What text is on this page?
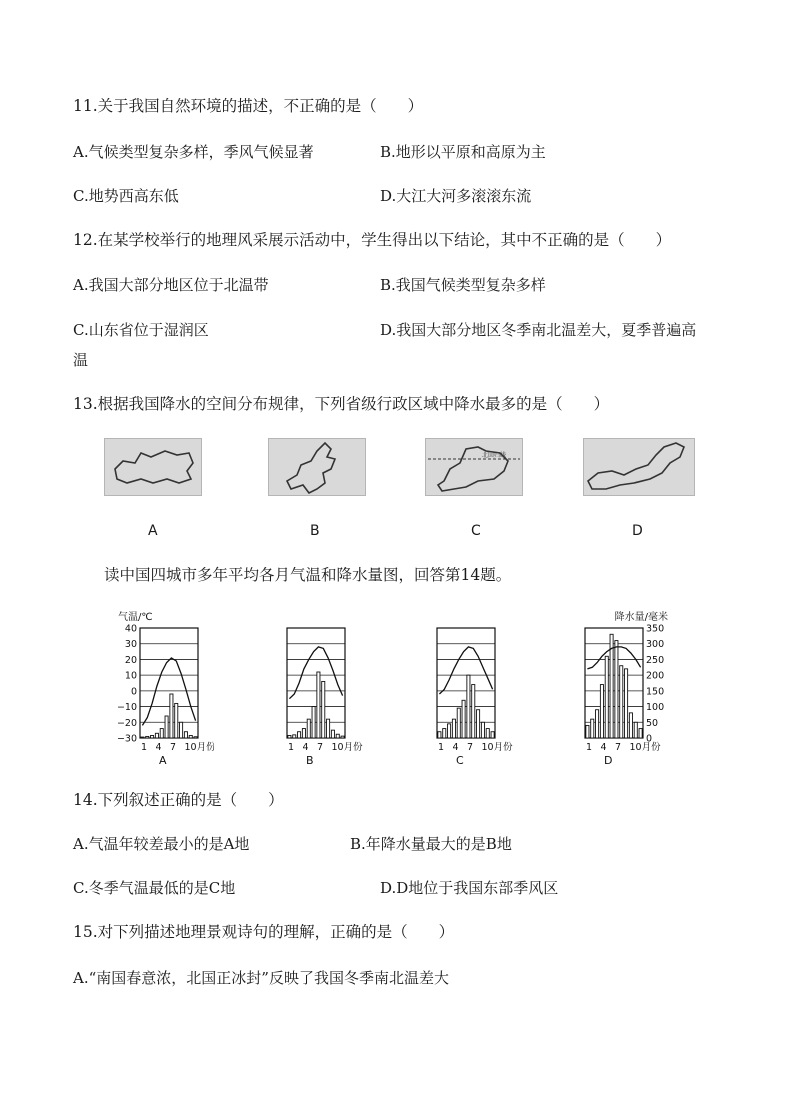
11.关于我国自然环境的描述，不正确的是（　　）
A.气候类型复杂多样，季风气候显著	B.地形以平原和高原为主
C.地势西高东低	D.大江大河多滚滚东流
12.在某学校举行的地理风采展示活动中，学生得出以下结论，其中不正确的是（　　）
A.我国大部分地区位于北温带	B.我国气候类型复杂多样
C.山东省位于湿润区	D.我国大部分地区冬季南北温差大，夏季普遍高
温
13.根据我国降水的空间分布规律，下列省级行政区域中降水最多的是（　　）
北回归线
A	B	C	D
读中国四城市多年平均各月气温和降水量图，回答第14题。
1 4 7 10月份
A
气温/℃
40
30
20
10
0
−10
−20
−30
1 4 7 10月份
B
1 4 7 10月份
C
1 4 7 10月份
D
降水量/毫米
350
300
250
200
150
100
50
0
14.下列叙述正确的是（　　）
A.气温年较差最小的是A地	B.年降水量最大的是B地
C.冬季气温最低的是C地	D.D地位于我国东部季风区
15.对下列描述地理景观诗句的理解，正确的是（　　）
A.“南国春意浓，北国正冰封”反映了我国冬季南北温差大
